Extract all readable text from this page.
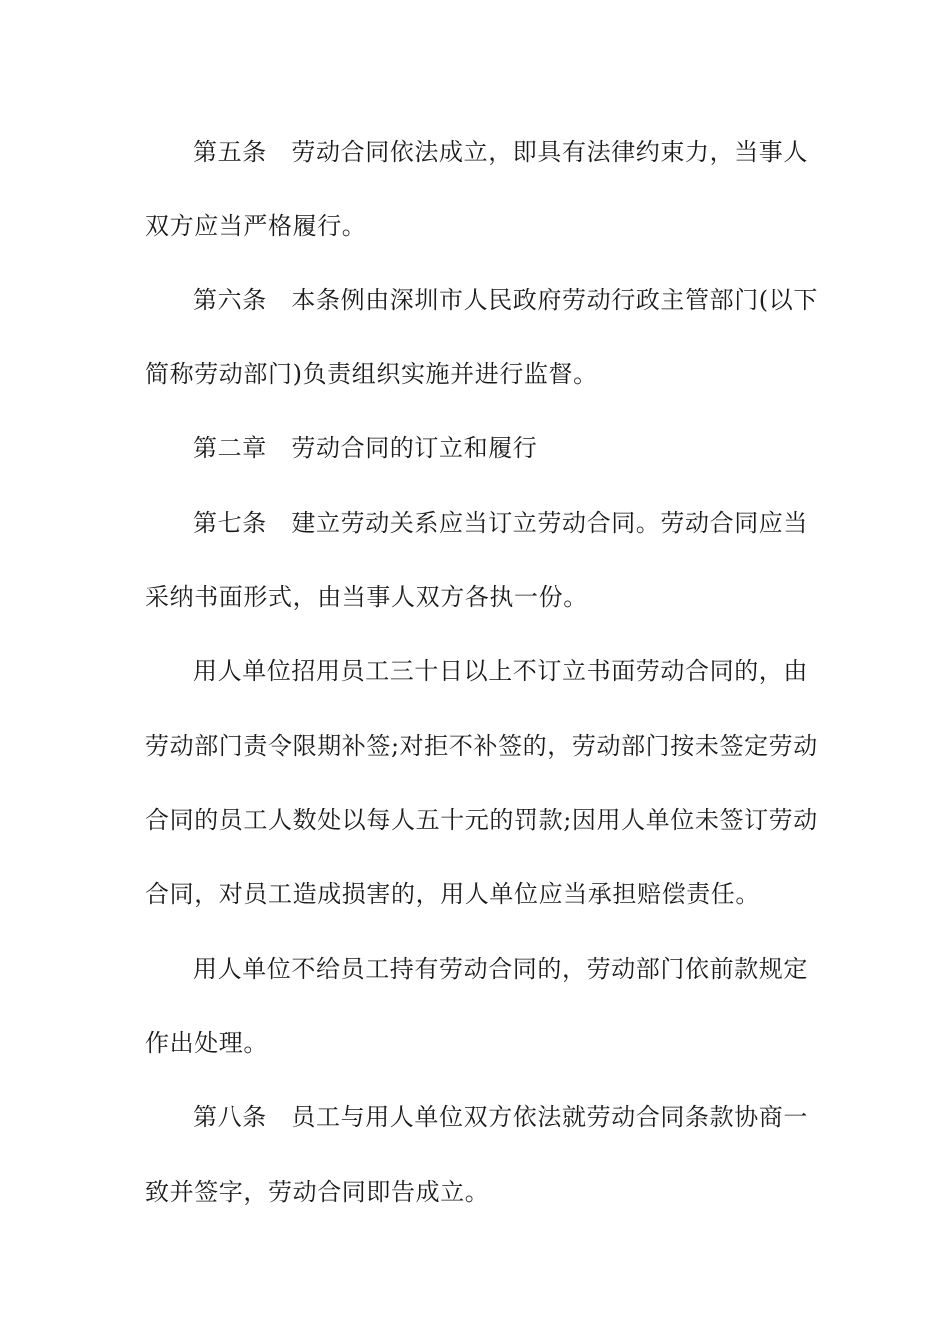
第五条　劳动合同依法成立，即具有法律约束力，当事人

双方应当严格履行。

第六条　本条例由深圳市人民政府劳动行政主管部门(以下

简称劳动部门)负责组织实施并进行监督。

第二章　劳动合同的订立和履行

第七条　建立劳动关系应当订立劳动合同。劳动合同应当

采纳书面形式，由当事人双方各执一份。

用人单位招用员工三十日以上不订立书面劳动合同的，由

劳动部门责令限期补签;对拒不补签的，劳动部门按未签定劳动

合同的员工人数处以每人五十元的罚款;因用人单位未签订劳动

合同，对员工造成损害的，用人单位应当承担赔偿责任。

用人单位不给员工持有劳动合同的，劳动部门依前款规定

作出处理。

第八条　员工与用人单位双方依法就劳动合同条款协商一

致并签字，劳动合同即告成立。
